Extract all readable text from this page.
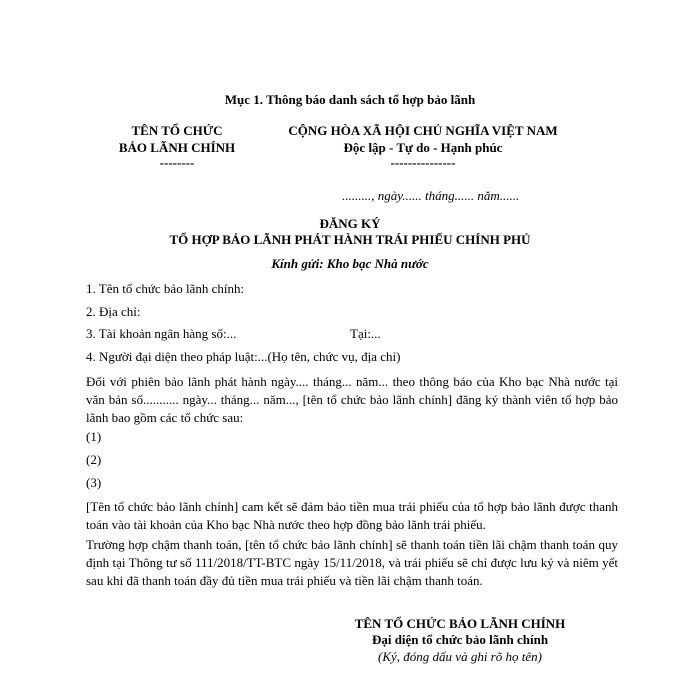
Mục 1. Thông báo danh sách tổ hợp bảo lãnh
TÊN TỔ CHỨC
BẢO LÃNH CHÍNH
--------
CỘNG HÒA XÃ HỘI CHỦ NGHĨA VIỆT NAM
Độc lập - Tự do - Hạnh phúc
---------------
........., ngày...... tháng...... năm......
ĐĂNG KÝ
TỔ HỢP BẢO LÃNH PHÁT HÀNH TRÁI PHIẾU CHÍNH PHỦ
Kính gửi: Kho bạc Nhà nước
1. Tên tổ chức bảo lãnh chính:
2. Địa chỉ:
3. Tài khoản ngân hàng số:...	Tại:...
4. Người đại diện theo pháp luật:...(Họ tên, chức vụ, địa chỉ)
Đối với phiên bảo lãnh phát hành ngày.... tháng... năm... theo thông báo của Kho bạc Nhà nước tại văn bản số........... ngày... tháng... năm..., [tên tổ chức bảo lãnh chính] đăng ký thành viên tổ hợp bảo lãnh bao gồm các tổ chức sau:
(1)
(2)
(3)
[Tên tổ chức bảo lãnh chính] cam kết sẽ đảm bảo tiền mua trái phiếu của tổ hợp bảo lãnh được thanh toán vào tài khoản của Kho bạc Nhà nước theo hợp đồng bảo lãnh trái phiếu.
Trường hợp chậm thanh toán, [tên tổ chức bảo lãnh chính] sẽ thanh toán tiền lãi chậm thanh toán quy định tại Thông tư số 111/2018/TT-BTC ngày 15/11/2018, và trái phiếu sẽ chỉ được lưu ký và niêm yết sau khi đã thanh toán đầy đủ tiền mua trái phiếu và tiền lãi chậm thanh toán.
TÊN TỔ CHỨC BẢO LÃNH CHÍNH
Đại diện tổ chức bảo lãnh chính
(Ký, đóng dấu và ghi rõ họ tên)
